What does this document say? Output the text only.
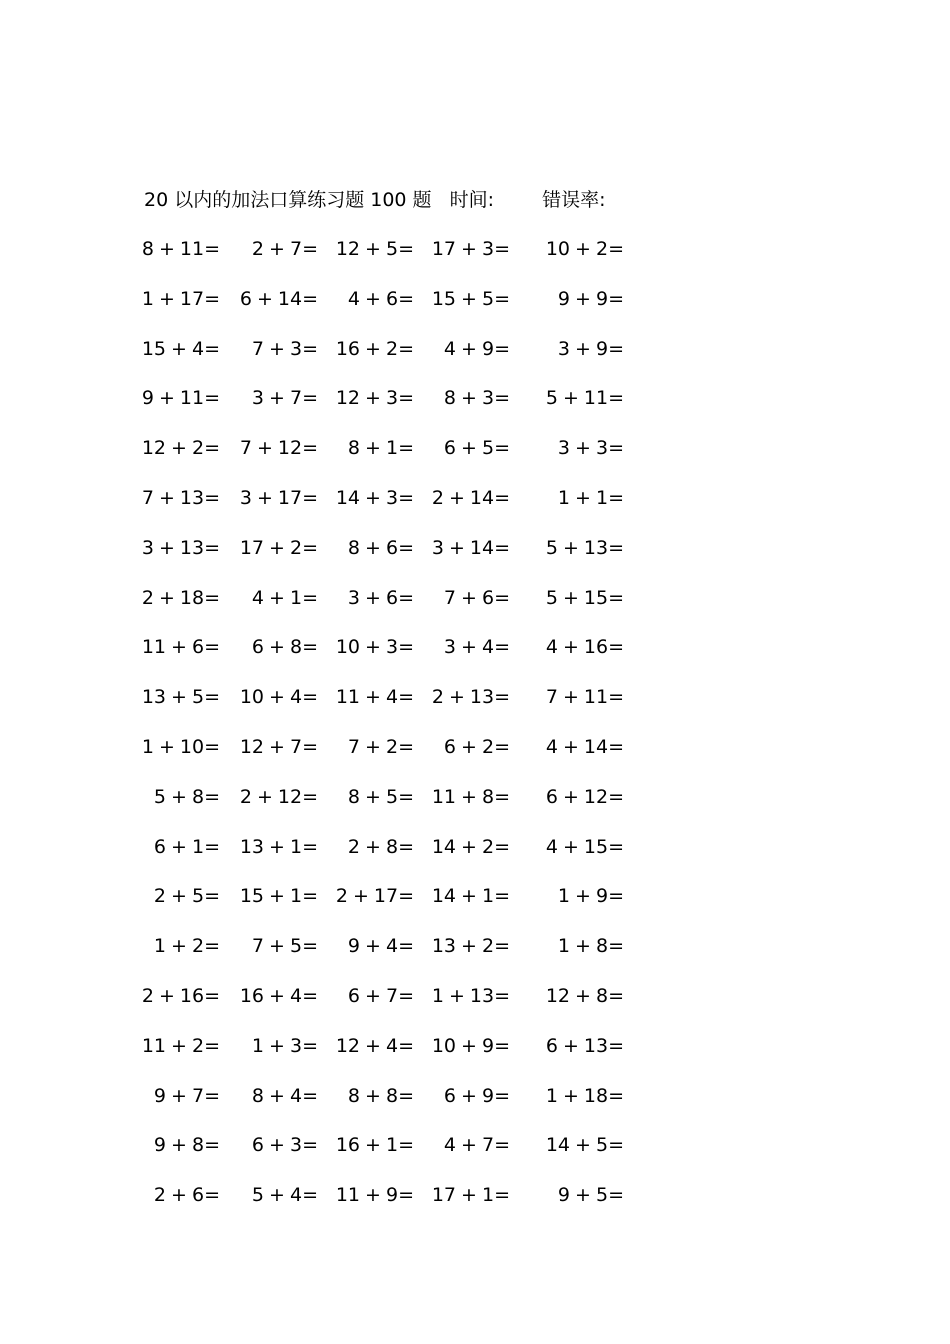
20 以内的加法口算练习题 100 题 时间:	错误率:
8 + 11= 2 + 7= 12 + 5= 17 + 3= 10 + 2=
1 + 17= 6 + 14= 4 + 6= 15 + 5=	9 + 9=
15 + 4= 7 + 3= 16 + 2= 4 + 9=	3 + 9=
9 + 11= 3 + 7= 12 + 3= 8 + 3= 5 + 11=
12 + 2= 7 + 12= 8 + 1= 6 + 5=	3 + 3=
7 + 13= 3 + 17= 14 + 3= 2 + 14=	1 + 1=
3 + 13= 17 + 2= 8 + 6= 3 + 14= 5 + 13=
2 + 18= 4 + 1= 3 + 6= 7 + 6= 5 + 15=
11 + 6= 6 + 8= 10 + 3= 3 + 4= 4 + 16=
13 + 5= 10 + 4= 11 + 4= 2 + 13= 7 + 11=
1 + 10= 12 + 7= 7 + 2= 6 + 2= 4 + 14=
5 + 8= 2 + 12= 8 + 5= 11 + 8= 6 + 12=
6 + 1= 13 + 1= 2 + 8= 14 + 2= 4 + 15=
2 + 5= 15 + 1= 2 + 17= 14 + 1=	1 + 9=
1 + 2= 7 + 5= 9 + 4= 13 + 2=	1 + 8=
2 + 16= 16 + 4= 6 + 7= 1 + 13= 12 + 8=
11 + 2= 1 + 3= 12 + 4= 10 + 9= 6 + 13=
9 + 7= 8 + 4= 8 + 8= 6 + 9= 1 + 18=
9 + 8= 6 + 3= 16 + 1= 4 + 7= 14 + 5=
2 + 6= 5 + 4= 11 + 9= 17 + 1=	9 + 5=
